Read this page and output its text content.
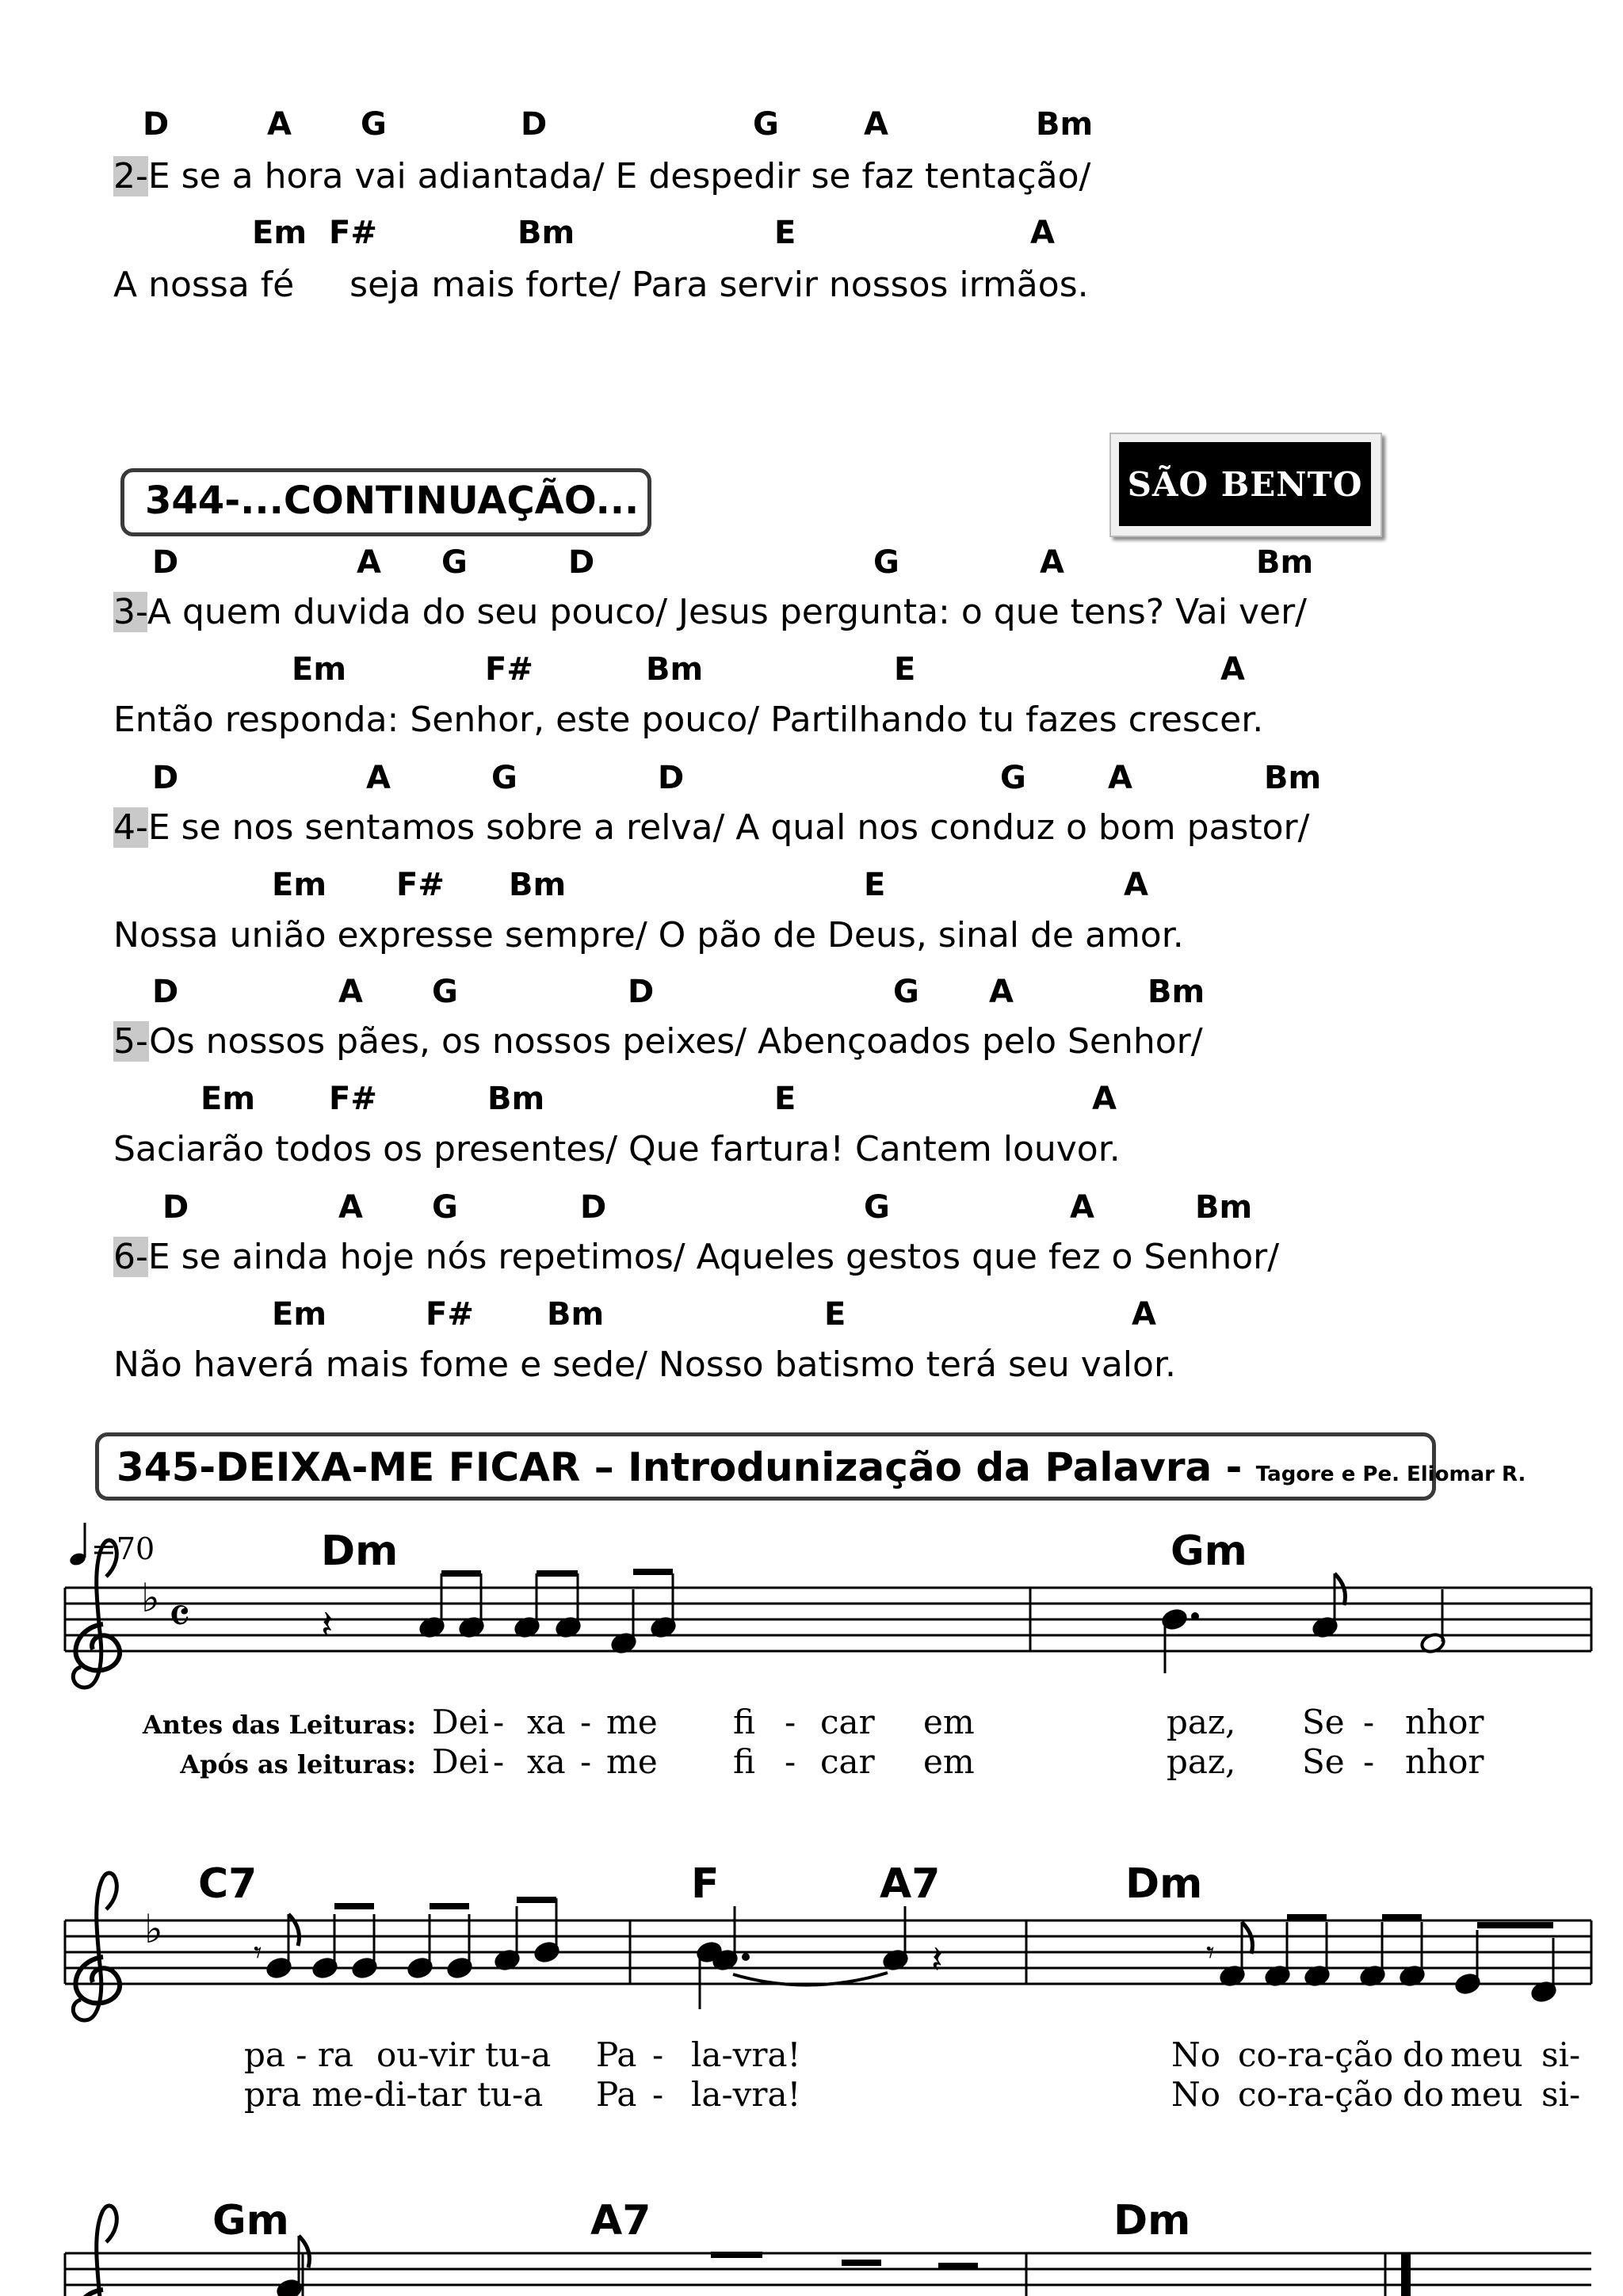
D	A G	D	G	A	Bm
2-E se a hora vai adiantada/ E despedir se faz tentação/
Em F#	Bm	E	A
A nossa fé     seja mais forte/ Para servir nossos irmãos.
344-...CONTINUAÇÃO...	SÃO BENTO
D	A G	D	G	A	Bm
3-A quem duvida do seu pouco/ Jesus pergunta: o que tens? Vai ver/
Em	F#	Bm	E	A
Então responda: Senhor, este pouco/ Partilhando tu fazes crescer.
D	A	G	D	G	A	Bm
4-E se nos sentamos sobre a relva/ A qual nos conduz o bom pastor/
Em F# Bm	E	A
Nossa união expresse sempre/ O pão de Deus, sinal de amor.
D	A G	D	G A	Bm
5-Os nossos pães, os nossos peixes/ Abençoados pelo Senhor/
Em F#	Bm	E	A
Saciarão todos os presentes/ Que fartura! Cantem louvor.
D	A G	D	G	A	Bm
6-E se ainda hoje nós repetimos/ Aqueles gestos que fez o Senhor/
Em	F# Bm	E	A
Não haverá mais fome e sede/ Nosso batismo terá seu valor.
345-DEIXA-ME FICAR – Introdunização da Palavra - Tagore e Pe. Eliomar R.
=70
♭ 𝄴	𝄽
♭
𝄾	𝄽	𝄾
Dm	Gm
C7	F	A7	Dm
Gm	A7	Dm
Antes das Leituras:
Após as leituras:
Dei - xa - me fi - car em	paz, Se - nhor
Dei - xa - me fi - car em	paz, Se - nhor
pa - ra ou-vir tu-a Pa - la-vra!	No co-ra-ção do meu si-
pra me-di-tar tu-a Pa - la-vra!	No co-ra-ção do meu si-
